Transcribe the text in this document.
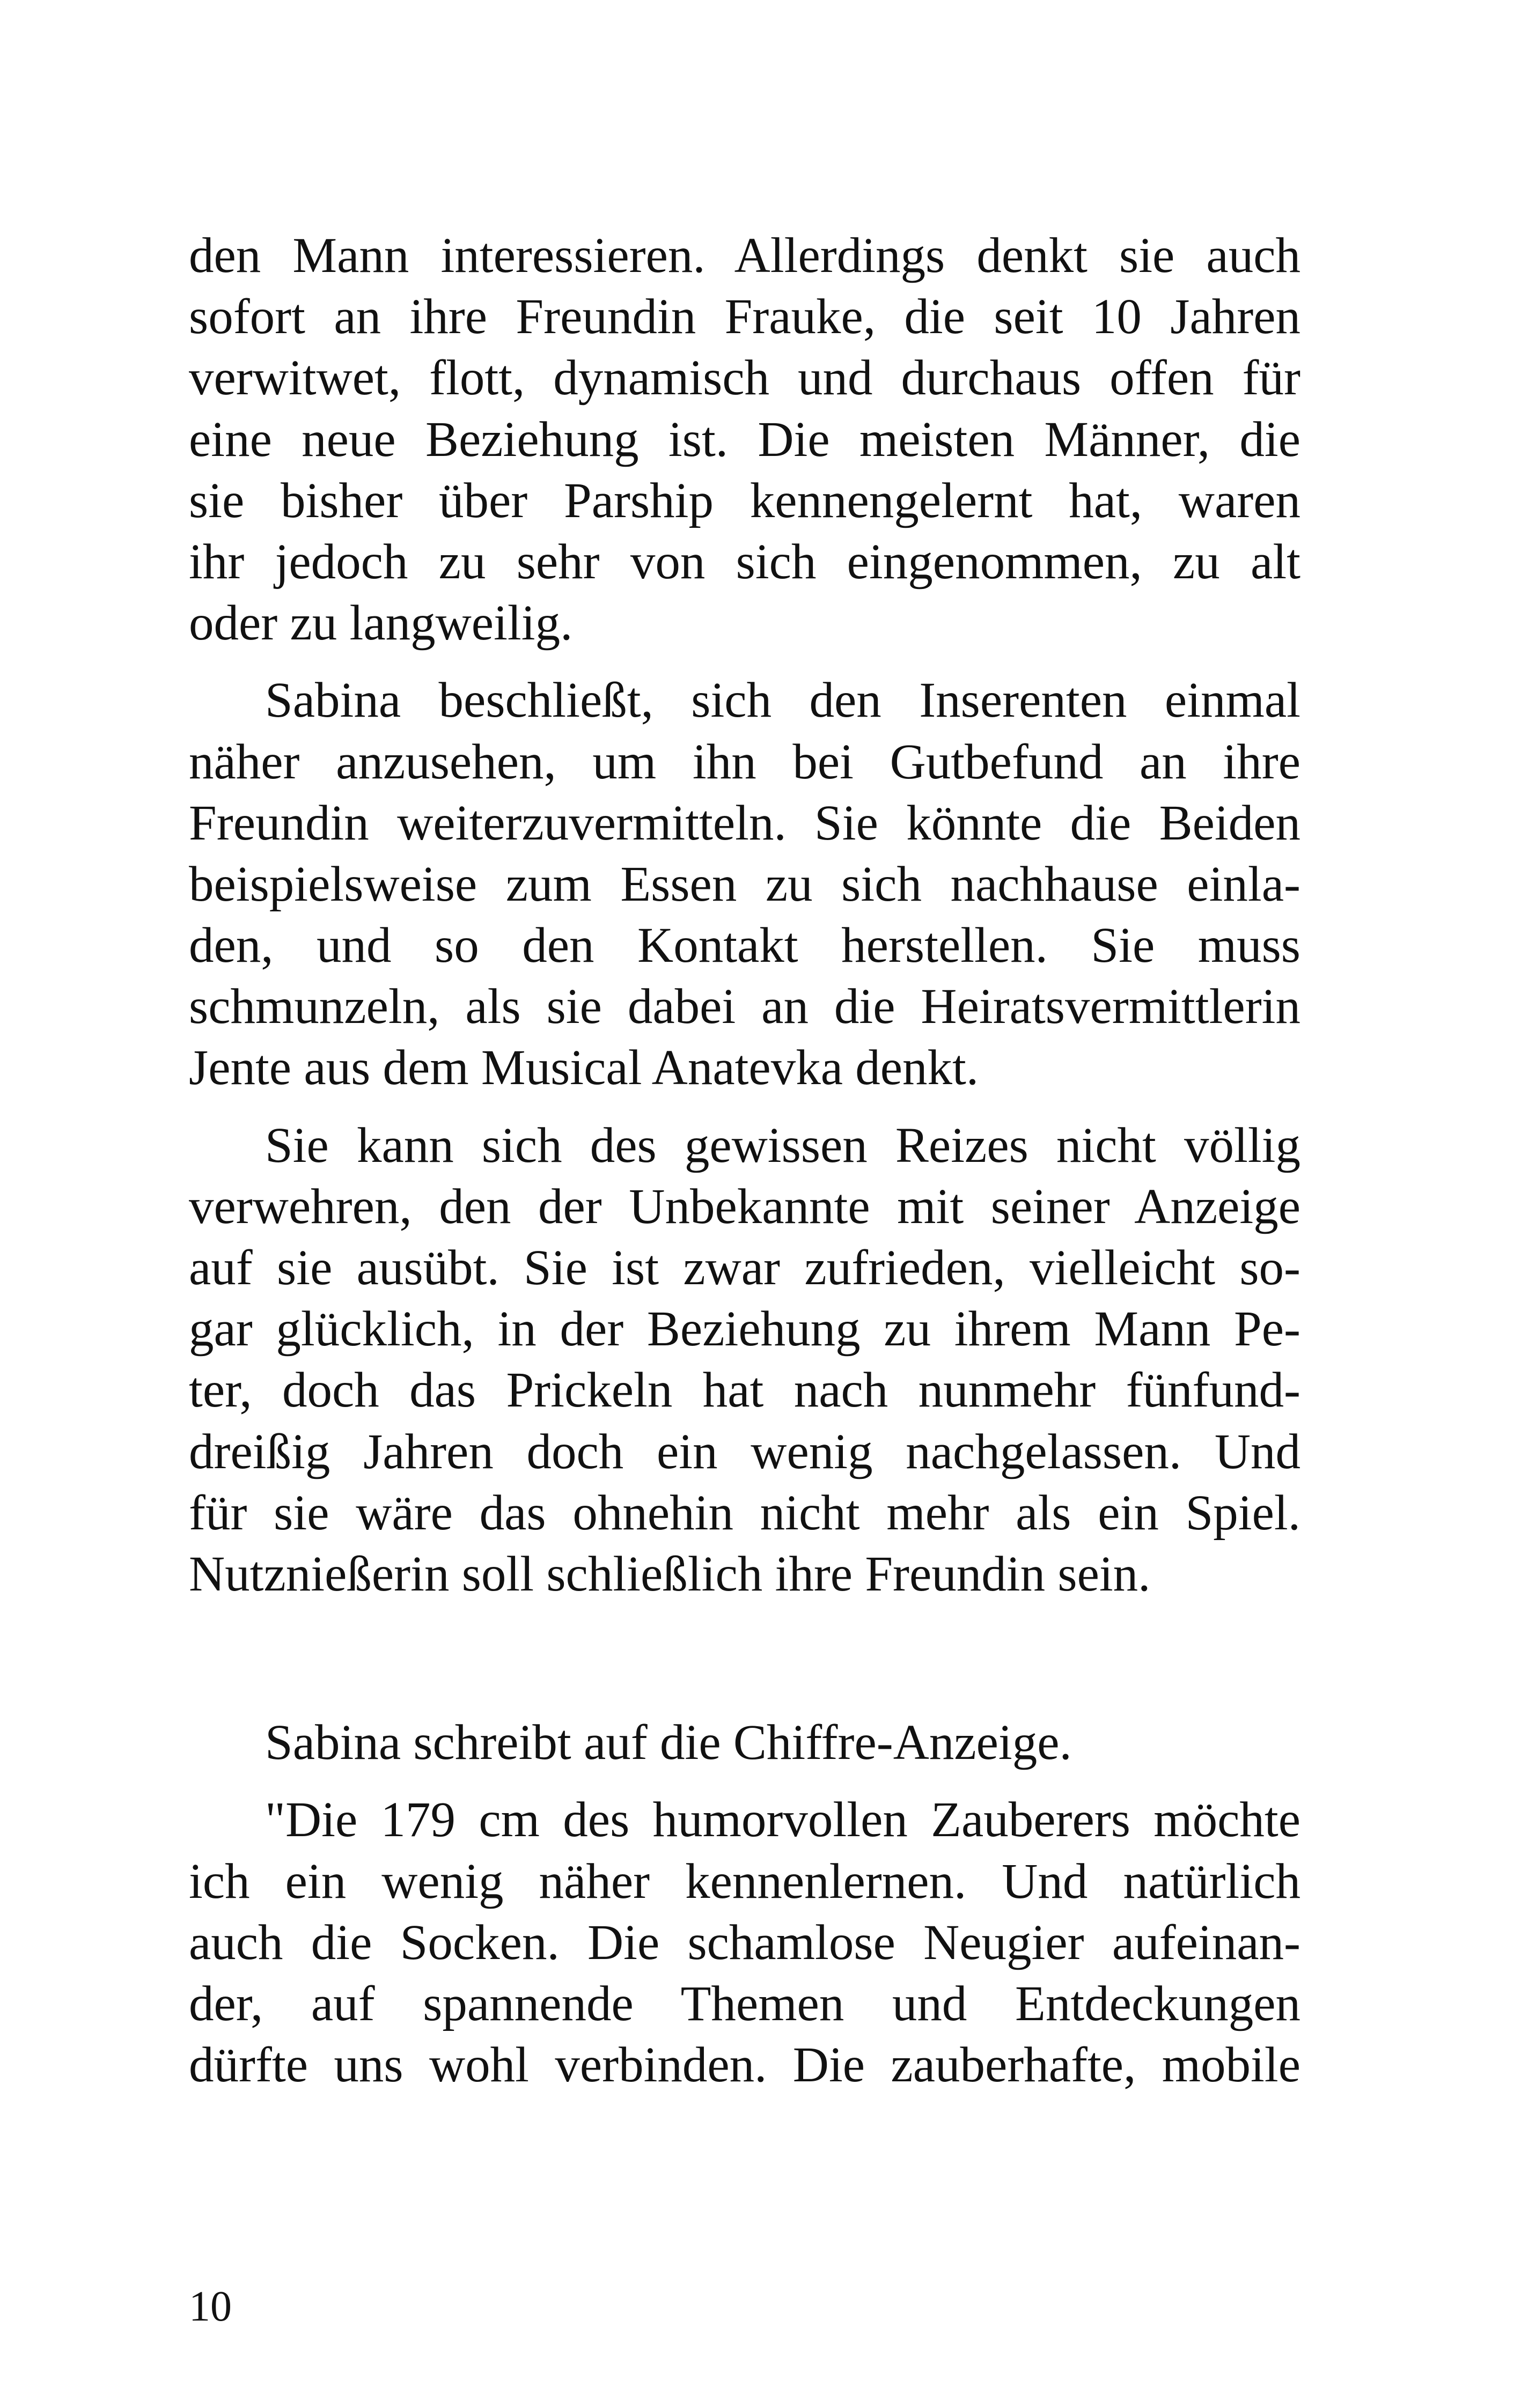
den Mann interessieren. Allerdings denkt sie auch
sofort an ihre Freundin Frauke, die seit 10 Jahren
verwitwet, flott, dynamisch und durchaus offen für
eine neue Beziehung ist. Die meisten Männer, die
sie bisher über Parship kennengelernt hat, waren
ihr jedoch zu sehr von sich eingenommen, zu alt
oder zu langweilig.
Sabina beschließt, sich den Inserenten einmal
näher anzusehen, um ihn bei Gutbefund an ihre
Freundin weiterzuvermitteln. Sie könnte die Beiden
beispielsweise zum Essen zu sich nachhause einla-
den, und so den Kontakt herstellen. Sie muss
schmunzeln, als sie dabei an die Heiratsvermittlerin
Jente aus dem Musical Anatevka denkt.
Sie kann sich des gewissen Reizes nicht völlig
verwehren, den der Unbekannte mit seiner Anzeige
auf sie ausübt. Sie ist zwar zufrieden, vielleicht so-
gar glücklich, in der Beziehung zu ihrem Mann Pe-
ter, doch das Prickeln hat nach nunmehr fünfund-
dreißig Jahren doch ein wenig nachgelassen. Und
für sie wäre das ohnehin nicht mehr als ein Spiel.
Nutznießerin soll schließlich ihre Freundin sein.
Sabina schreibt auf die Chiffre-Anzeige.
"Die 179 cm des humorvollen Zauberers möchte
ich ein wenig näher kennenlernen. Und natürlich
auch die Socken. Die schamlose Neugier aufeinan-
der, auf spannende Themen und Entdeckungen
dürfte uns wohl verbinden. Die zauberhafte, mobile
10
